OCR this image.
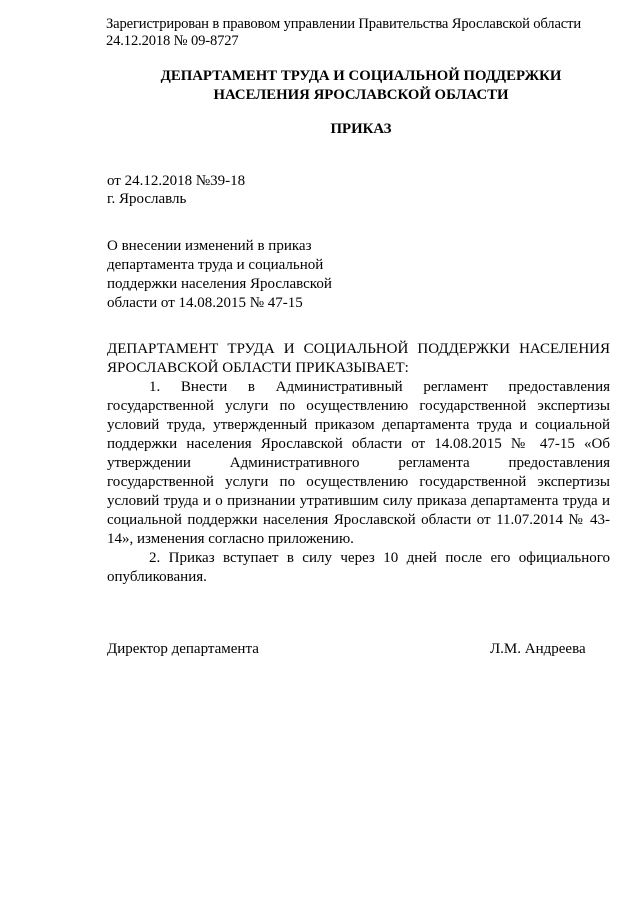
Зарегистрирован в правовом управлении Правительства Ярославской области
24.12.2018 № 09-8727
ДЕПАРТАМЕНТ ТРУДА И СОЦИАЛЬНОЙ ПОДДЕРЖКИ
НАСЕЛЕНИЯ ЯРОСЛАВСКОЙ ОБЛАСТИ
ПРИКАЗ
от 24.12.2018 №39-18
г. Ярославль
О внесении изменений в приказ
департамента труда и социальной
поддержки населения Ярославской
области от 14.08.2015 № 47-15
ДЕПАРТАМЕНТ ТРУДА И СОЦИАЛЬНОЙ ПОДДЕРЖКИ НАСЕЛЕНИЯ ЯРОСЛАВСКОЙ ОБЛАСТИ ПРИКАЗЫВАЕТ:
1. Внести в Административный регламент предоставления государственной услуги по осуществлению государственной экспертизы условий труда, утвержденный приказом департамента труда и социальной поддержки населения Ярославской области от 14.08.2015 № 47-15 «Об утверждении Административного регламента предоставления государственной услуги по осуществлению государственной экспертизы условий труда и о признании утратившим силу приказа департамента труда и социальной поддержки населения Ярославской области от 11.07.2014 № 43-14», изменения согласно приложению.
2. Приказ вступает в силу через 10 дней после его официального опубликования.
Директор департамента	Л.М. Андреева
